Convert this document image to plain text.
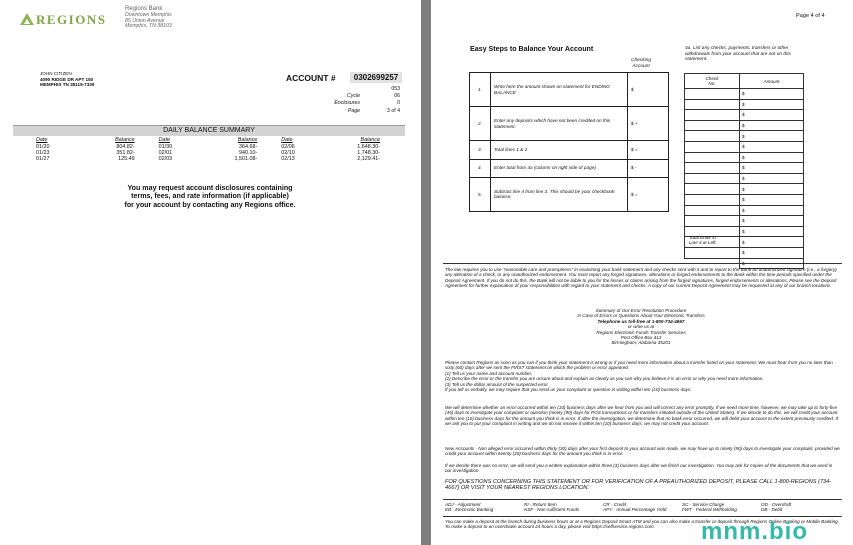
REGIONS
Regions Bank
Downtown Memphis
85 Union Avenue
Memphis, TN 38103
JOHN CITIZEN
4090 RIDGE DR APT 150
MEMPHIS TN 38115-7339
ACCOUNT #	0302699257
053
Cycle	06
Enclosures	0
Page	3 of 4
DAILY BALANCE SUMMARY
Date	Balance	Date	Balance	Date	Balance
01/20	804.82-	01/30	364.68-	02/06	1,648.30-
01/23	351.82-	02/01	940.10-	02/10	1,748.30-
01/27	125.49	02/03	1,501.08-	02/13	2,129.41-
You may request account disclosures containing
terms, fees, and rate information (if applicable)
for your account by contacting any Regions office.
Page 4 of 4
Easy Steps to Balance Your Account
Checking
Account
1.	Write here the amount shown on statement for ENDING BALANCE	$
2.	Enter any deposits which have not been credited on this statement.	$ +
3.	Total lines 1 & 2	$ =
4.	Enter total from 4a (column on right side of page)	$ -
5.	Subtract line 4 from line 3. This should be your checkbook balance.	$ =
4a. List any checks, payments, transfers or other withdrawals from your account that are not on this statement.
Check
No.	Amount
	$
	$
	$
	$
	$
	$
	$
	$
	$
	$
	$
	$
	$
	$
	$
	$
	$
Total Enter in
Line 4 at Left
The law requires you to use "reasonable care and promptness" in examining your bank statement and any checks sent with it and to report to the Bank an unauthorized signature (i.e., a forgery) any alteration of a check, or any unauthorized endorsement. You must report any forged signatures, alterations or forged endorsements to the Bank within the time periods specified under the Deposit Agreement. If you do not do this, the Bank will not be liable to you for the losses or claims arising from the forged signatures, forged endorsements or alterations. Please see the Deposit Agreement for further explanation of your responsibilities with regard to your statement and checks. A copy of our current Deposit Agreement may be requested at any of our branch locations.
Summary of Our Error Resolution Procedure
In Case of Errors or Questions About Your Electronic Transfers
Telephone us toll-free at 1-800-734-4667
or write us at
Regions Electronic Funds Transfer Services
Post Office Box 413
Birmingham, Alabama 35201
Please contact Regions as soon as you can if you think your statement is wrong or if you need more information about a transfer listed on your statement. We must hear from you no later than sixty (60) days after we sent the FIRST statement on which the problem or error appeared.
(1) Tell us your name and account number.
(2) Describe the error or the transfer you are unsure about and explain as clearly as you can why you believe it is an error or why you need more information.
(3) Tell us the dollar amount of the suspected error.
If you tell us verbally, we may require that you send us your complaint or question in writing within ten (10) business days.
We will determine whether an error occurred within ten (10) business days after we hear from you and will correct any error promptly. If we need more time, however, we may take up to forty-five (45) days to investigate your complaint or question (ninety (90) days for POS transactions or for transfers initiated outside of the United States). If we decide to do this, we will credit your account within ten (10) business days for the amount you think is in error. If after the investigation, we determine that no bank error occurred, we will debit your account to the extent previously credited. If we ask you to put your complaint in writing and we do not receive it within ten (10) business days, we may not credit your account.
New Accounts - Non alleged error occurred within thirty (30) days after your first deposit to your account was made, we may have up to ninety (90) days to investigate your complaint, provided we credit your account within twenty (20) business days for the amount you think is in error.
If we decide there was no error, we will send you a written explanation within three (3) business days after we finish our investigation. You may ask for copies of the documents that we used in our investigation.
FOR QUESTIONS CONCERNING THIS STATEMENT OR FOR VERIFICATION OF A PREAUTHORIZED DEPOSIT, PLEASE CALL 1-800-REGIONS (734-4667) OR VISIT YOUR NEAREST REGIONS LOCATION.
ADJ - Adjustment	RI - Return Item	CR - Credit	SC - Service Charge	OD - Overdraft
EB - Electronic Banking	NSF - Non-sufficient Funds	APY - Annual Percentage Yield	FWT - Federal Withholding	DB - Debit
You can make a deposit at the branch during business hours or at a Regions Deposit Smart ATM and you can also make a transfer or deposit through Regions Online Banking or Mobile Banking. To make a deposit to an overdrawn account 24 hours a day, please visit https://selfservice.regions.com.	mnm.bio
